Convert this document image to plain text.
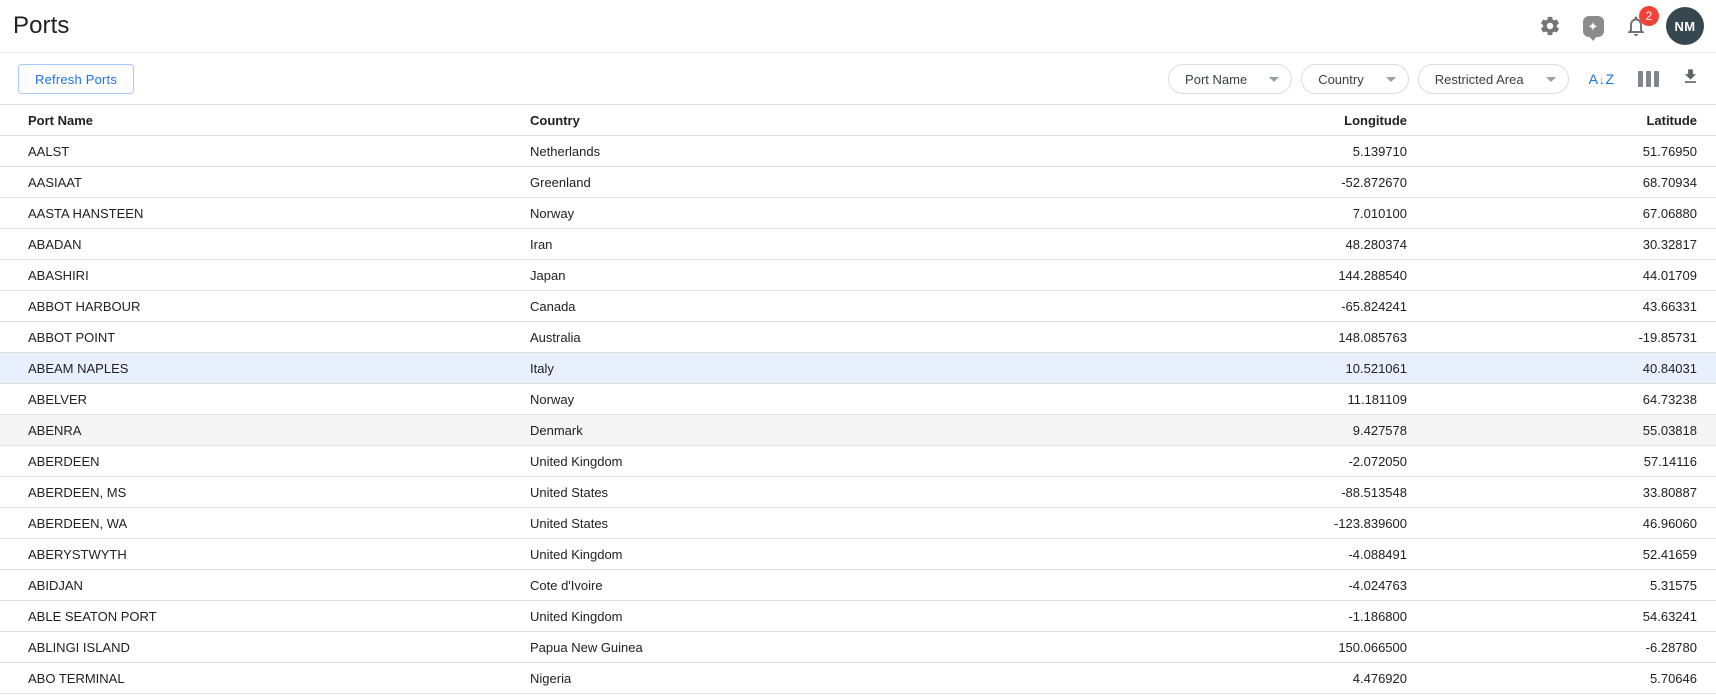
Ports	✦
2
NM
Refresh Ports	Port Name	Country	Restricted Area	A ↓ Z
Port Name	Country	Longitude	Latitude
AALST	Netherlands	5.139710	51.76950
AASIAAT	Greenland	-52.872670	68.70934
AASTA HANSTEEN	Norway	7.010100	67.06880
ABADAN	Iran	48.280374	30.32817
ABASHIRI	Japan	144.288540	44.01709
ABBOT HARBOUR	Canada	-65.824241	43.66331
ABBOT POINT	Australia	148.085763	-19.85731
ABEAM NAPLES	Italy	10.521061	40.84031
ABELVER	Norway	11.181109	64.73238
ABENRA	Denmark	9.427578	55.03818
ABERDEEN	United Kingdom	-2.072050	57.14116
ABERDEEN, MS	United States	-88.513548	33.80887
ABERDEEN, WA	United States	-123.839600	46.96060
ABERYSTWYTH	United Kingdom	-4.088491	52.41659
ABIDJAN	Cote d'Ivoire	-4.024763	5.31575
ABLE SEATON PORT	United Kingdom	-1.186800	54.63241
ABLINGI ISLAND	Papua New Guinea	150.066500	-6.28780
ABO TERMINAL	Nigeria	4.476920	5.70646
